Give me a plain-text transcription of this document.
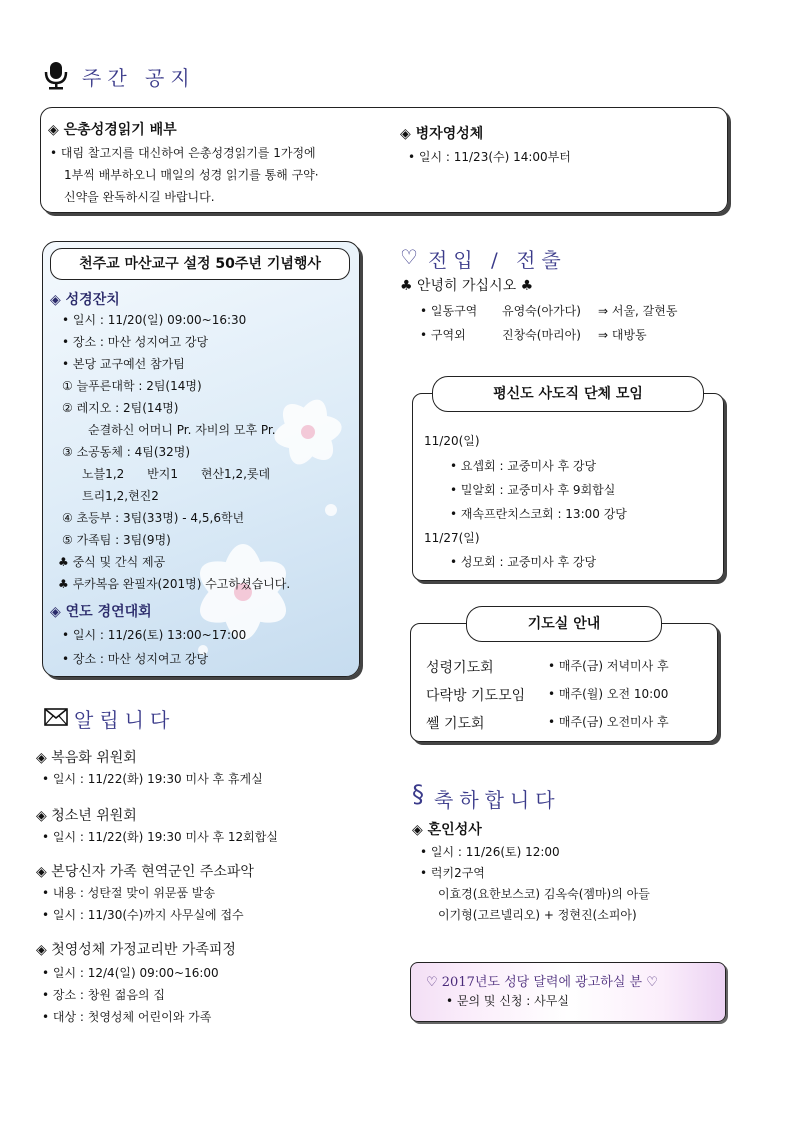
주간 공지
◈ 은총성경읽기 배부
• 대림 찰고지를 대신하여 은총성경읽기를 1가정에
1부씩 배부하오니 매일의 성경 읽기를 통해 구약·
신약을 완독하시길 바랍니다.
◈ 병자영성체
• 일시 : 11/23(수) 14:00부터
천주교 마산교구 설정 50주년 기념행사
◈ 성경잔치
• 일시 : 11/20(일) 09:00~16:30
• 장소 : 마산 성지여고 강당
• 본당 교구예선 참가팀
① 늘푸른대학 : 2팀(14명)
② 레지오 : 2팀(14명)
순결하신 어머니 Pr. 자비의 모후 Pr.
③ 소공동체 : 4팀(32명)
노블1,2      반지1      현산1,2,롯데
트리1,2,현진2
④ 초등부 : 3팀(33명) - 4,5,6학년
⑤ 가족팀 : 3팀(9명)
♣ 중식 및 간식 제공
♣ 루카복음 완필자(201명) 수고하셨습니다.
◈ 연도 경연대회
• 일시 : 11/26(토) 13:00~17:00
• 장소 : 마산 성지여고 강당
알립니다
◈ 복음화 위원회
• 일시 : 11/22(화) 19:30 미사 후 휴게실
◈ 청소년 위원회
• 일시 : 11/22(화) 19:30 미사 후 12회합실
◈ 본당신자 가족 현역군인 주소파악
• 내용 : 성탄절 맞이 위문품 발송
• 일시 : 11/30(수)까지 사무실에 접수
◈ 첫영성체 가정교리반 가족피정
• 일시 : 12/4(일) 09:00~16:00
• 장소 : 창원 젊음의 집
• 대상 : 첫영성체 어린이와 가족
♡ 전입 / 전출
♣ 안녕히 가십시오 ♣
• 일동구역 유영숙(아가다) ⇒ 서울, 갈현동
• 구역외	진창숙(마리아) ⇒ 대방동
평신도 사도직 단체 모임
11/20(일)
• 요셉회 : 교중미사 후 강당
• 밀알회 : 교중미사 후 9회합실
• 재속프란치스코회 : 13:00 강당
11/27(일)
• 성모회 : 교중미사 후 강당
기도실 안내
성령기도회	• 매주(금) 저녁미사 후
다락방 기도모임 • 매주(월) 오전 10:00
쎌 기도회	• 매주(금) 오전미사 후
§ 축하합니다
◈ 혼인성사
• 일시 : 11/26(토) 12:00
• 럭키2구역
이효경(요한보스코) 김옥숙(젬마)의 아들
이기형(고르넬리오) + 정현진(소피아)
♡ 2017년도 성당 달력에 광고하실 분 ♡
• 문의 및 신청 : 사무실
